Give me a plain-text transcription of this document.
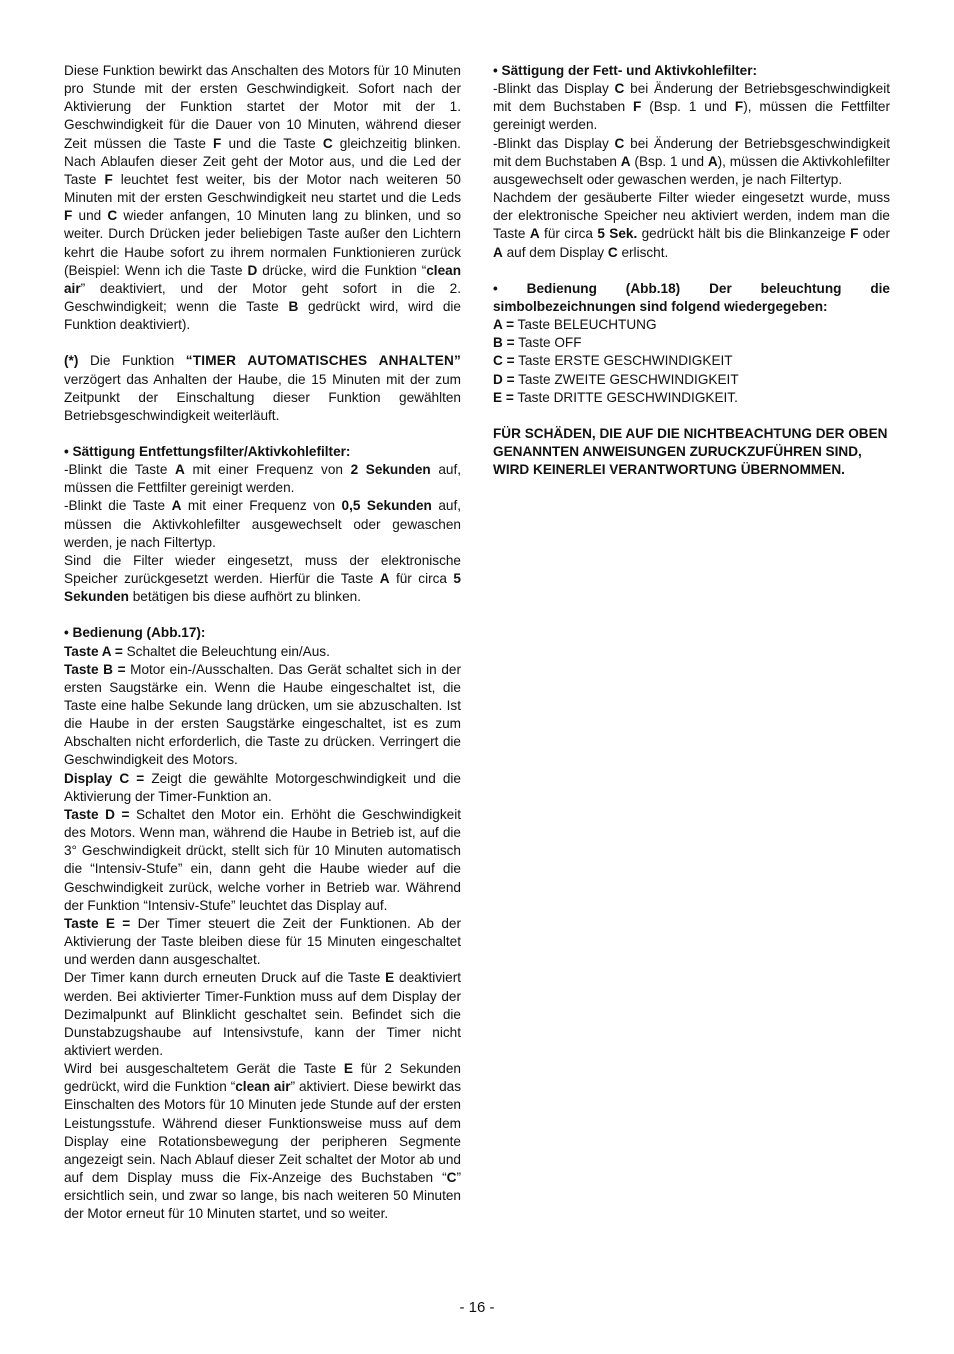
Diese Funktion bewirkt das Anschalten des Motors für 10 Minuten pro Stunde mit der ersten Geschwindigkeit. Sofort nach der Aktivierung der Funktion startet der Motor mit der 1. Geschwindigkeit für die Dauer von 10 Minuten, während dieser Zeit müssen die Taste F und die Taste C gleichzeitig blinken. Nach Ablaufen dieser Zeit geht der Motor aus, und die Led der Taste F leuchtet fest weiter, bis der Motor nach weiteren 50 Minuten mit der ersten Geschwindigkeit neu startet und die Leds F und C wieder anfangen, 10 Minuten lang zu blinken, und so weiter. Durch Drücken jeder beliebigen Taste außer den Lichtern kehrt die Haube sofort zu ihrem normalen Funktionieren zurück (Beispiel: Wenn ich die Taste D drücke, wird die Funktion “clean air” deaktiviert, und der Motor geht sofort in die 2. Geschwindigkeit; wenn die Taste B gedrückt wird, wird die Funktion deaktiviert).

(*) Die Funktion “TIMER AUTOMATISCHES ANHALTEN” verzögert das Anhalten der Haube, die 15 Minuten mit der zum Zeitpunkt der Einschaltung dieser Funktion gewählten Betriebsgeschwindigkeit weiterläuft.

• Sättigung Entfettungsfilter/Aktivkohlefilter:

-Blinkt die Taste A mit einer Frequenz von 2 Sekunden auf, müssen die Fettfilter gereinigt werden.

-Blinkt die Taste A mit einer Frequenz von 0,5 Sekunden auf, müssen die Aktivkohlefilter ausgewechselt oder gewaschen werden, je nach Filtertyp.

Sind die Filter wieder eingesetzt, muss der elektronische Speicher zurückgesetzt werden. Hierfür die Taste A für circa 5 Sekunden betätigen bis diese aufhört zu blinken.

• Bedienung (Abb.17):

Taste A = Schaltet die Beleuchtung ein/Aus.

Taste B = Motor ein-/Ausschalten. Das Gerät schaltet sich in der ersten Saugstärke ein. Wenn die Haube eingeschaltet ist, die Taste eine halbe Sekunde lang drücken, um sie abzuschalten. Ist die Haube in der ersten Saugstärke eingeschaltet, ist es zum Abschalten nicht erforderlich, die Taste zu drücken. Verringert die Geschwindigkeit des Motors.

Display C = Zeigt die gewählte Motorgeschwindigkeit und die Aktivierung der Timer-Funktion an.

Taste D = Schaltet den Motor ein. Erhöht die Geschwindigkeit des Motors. Wenn man, während die Haube in Betrieb ist, auf die 3° Geschwindigkeit drückt, stellt sich für 10 Minuten automatisch die “Intensiv-Stufe” ein, dann geht die Haube wieder auf die Geschwindigkeit zurück, welche vorher in Betrieb war. Während der Funktion “Intensiv-Stufe” leuchtet das Display auf.

Taste E = Der Timer steuert die Zeit der Funktionen. Ab der Aktivierung der Taste bleiben diese für 15 Minuten eingeschaltet und werden dann ausgeschaltet.

Der Timer kann durch erneuten Druck auf die Taste E deaktiviert werden. Bei aktivierter Timer-Funktion muss auf dem Display der Dezimalpunkt auf Blinklicht geschaltet sein. Befindet sich die Dunstabzugshaube auf Intensivstufe, kann der Timer nicht aktiviert werden.

Wird bei ausgeschaltetem Gerät die Taste E für 2 Sekunden gedrückt, wird die Funktion “clean air” aktiviert. Diese bewirkt das Einschalten des Motors für 10 Minuten jede Stunde auf der ersten Leistungsstufe. Während dieser Funktionsweise muss auf dem Display eine Rotationsbewegung der peripheren Segmente angezeigt sein. Nach Ablauf dieser Zeit schaltet der Motor ab und auf dem Display muss die Fix-Anzeige des Buchstaben “C” ersichtlich sein, und zwar so lange, bis nach weiteren 50 Minuten der Motor erneut für 10 Minuten startet, und so weiter.

• Sättigung der Fett- und Aktivkohlefilter:

-Blinkt das Display C bei Änderung der Betriebsgeschwindigkeit mit dem Buchstaben F (Bsp. 1 und F), müssen die Fettfilter gereinigt werden.

-Blinkt das Display C bei Änderung der Betriebsgeschwindigkeit mit dem Buchstaben A (Bsp. 1 und A), müssen die Aktivkohlefilter ausgewechselt oder gewaschen werden, je nach Filtertyp.

Nachdem der gesäuberte Filter wieder eingesetzt wurde, muss der elektronische Speicher neu aktiviert werden, indem man die Taste A für circa 5 Sek. gedrückt hält bis die Blinkanzeige F oder A auf dem Display C erlischt.

• Bedienung (Abb.18) Der beleuchtung die simbolbezeichnungen sind folgend wiedergegeben:

A = Taste BELEUCHTUNG

B = Taste OFF

C = Taste ERSTE GESCHWINDIGKEIT

D = Taste ZWEITE GESCHWINDIGKEIT

E = Taste DRITTE GESCHWINDIGKEIT.

FÜR SCHÄDEN, DIE AUF DIE NICHTBEACHTUNG DER OBEN GENANNTEN ANWEISUNGEN ZURUCKZUFÜHREN SIND, WIRD KEINERLEI VERANTWORTUNG ÜBERNOMMEN.

- 16 -
